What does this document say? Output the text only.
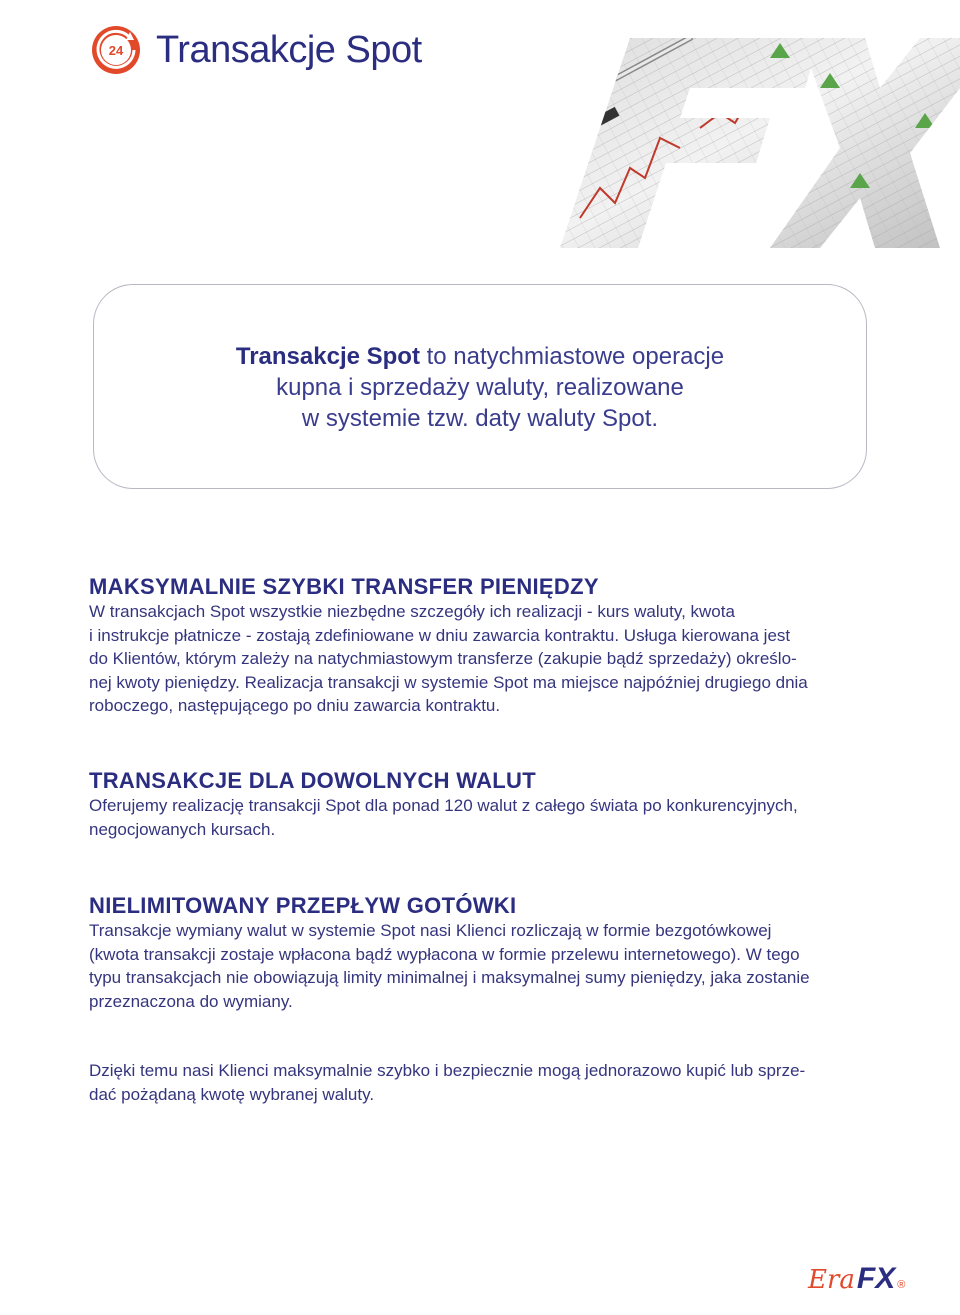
24 Transakcje Spot
Transakcje Spot to natychmiastowe operacje
kupna i sprzedaży waluty, realizowane
w systemie tzw. daty waluty Spot.
MAKSYMALNIE SZYBKI TRANSFER PIENIĘDZY

W transakcjach Spot wszystkie niezbędne szczegóły ich realizacji - kurs waluty, kwota
i instrukcje płatnicze - zostają zdefiniowane w dniu zawarcia kontraktu. Usługa kierowana jest
do Klientów, którym zależy na natychmiastowym transferze (zakupie bądź sprzedaży) określo-
nej kwoty pieniędzy. Realizacja transakcji w systemie Spot ma miejsce najpóźniej drugiego dnia
roboczego, następującego po dniu zawarcia kontraktu.

TRANSAKCJE DLA DOWOLNYCH WALUT

Oferujemy realizację transakcji Spot dla ponad 120 walut z całego świata po konkurencyjnych,
negocjowanych kursach.

NIELIMITOWANY PRZEPŁYW GOTÓWKI

Transakcje wymiany walut w systemie Spot nasi Klienci rozliczają w formie bezgotówkowej
(kwota transakcji zostaje wpłacona bądź wypłacona w formie przelewu internetowego). W tego
typu transakcjach nie obowiązują limity minimalnej i maksymalnej sumy pieniędzy, jaka zostanie
przeznaczona do wymiany.

Dzięki temu nasi Klienci maksymalnie szybko i bezpiecznie mogą jednorazowo kupić lub sprze-
dać pożądaną kwotę wybranej waluty.

Era FX ®
